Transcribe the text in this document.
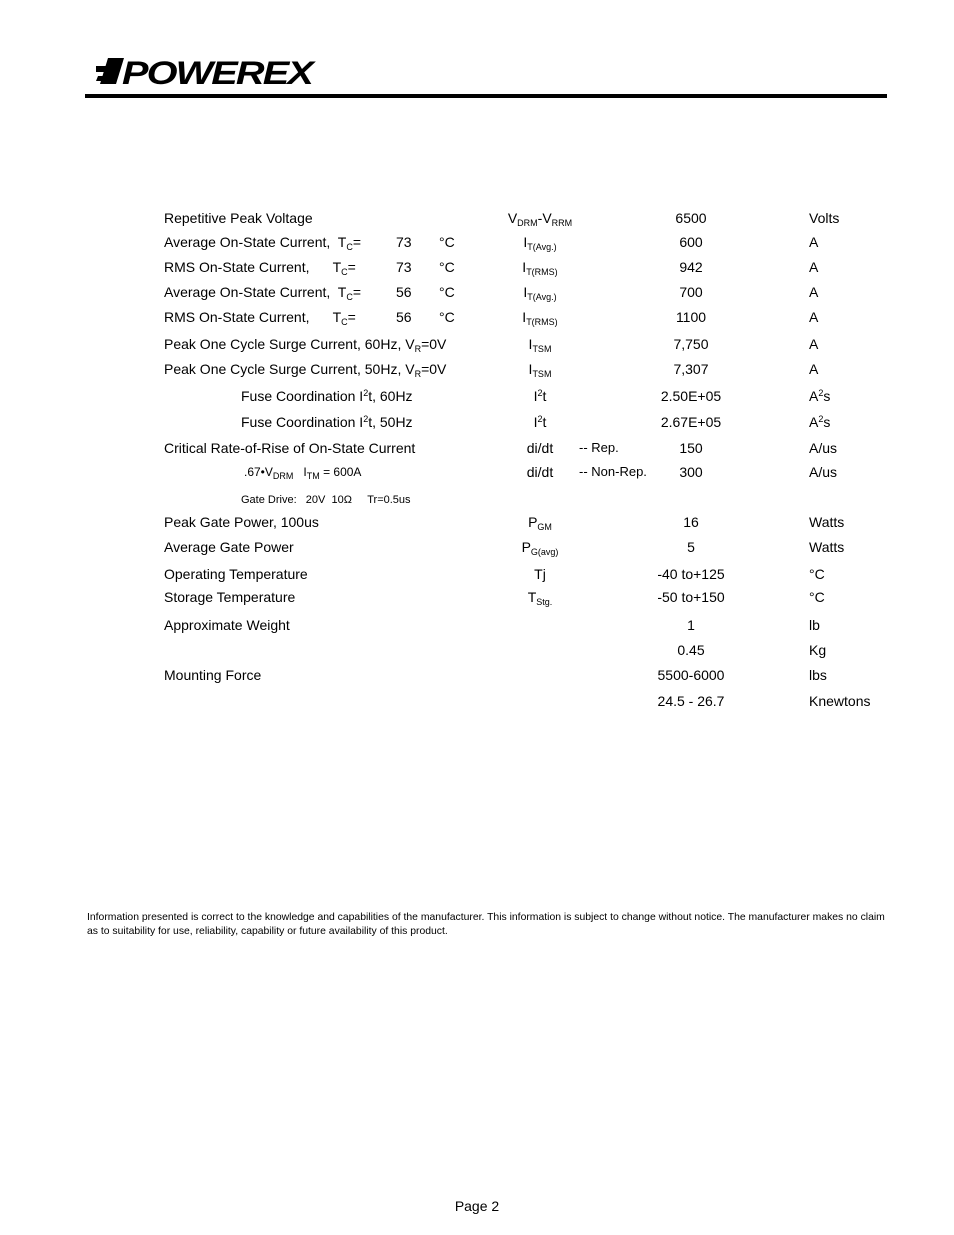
POWEREX
Repetitive Peak Voltage	$V_{DRM}-V_{RRM}$	6500	Volts
Average On-State Current,  $T_C= 73$ °C	$I_{T(Avg.)}$	600	A
RMS On-State Current,      $T_C=$	73 °C	$I_{T(RMS)}$	942	A
Average On-State Current,  $T_C= 56$ °C	$I_{T(Avg.)}$	700	A
RMS On-State Current,      $T_C=$	56 °C	$I_{T(RMS)}$	1100	A
Peak One Cycle Surge Current, 60Hz, $V_R=0V$	$I_{TSM}$	7,750	A
Peak One Cycle Surge Current, 50Hz, $V_R=0V$	$I_{TSM}$	7,307	A
Fuse Coordination $I^2t$, 60Hz	$I^2t$	2.50E+05	$A^2s$
Fuse Coordination $I^2t$, 50Hz	$I^2t$	2.67E+05	$A^2s$
Critical Rate-of-Rise of On-State Current	di/dt	-- Rep.	150	A/us
$.67•V_{DRM}$   $I_{TM} = 600A$	di/dt	-- Non-Rep.	300	A/us
Gate Drive:   20V  10Ω     Tr=0.5us
Peak Gate Power, 100us	$P_{GM}$	16	Watts
Average Gate Power	$P_{G(avg)}$	5	Watts
Operating Temperature	Tj	-40 to+125	°C
Storage Temperature	$T_{Stg.}$	-50 to+150	°C
Approximate Weight	1	lb
0.45	Kg
Mounting Force	5500-6000	lbs
24.5 - 26.7	Knewtons
Information presented is correct to the knowledge and capabilities of the manufacturer. This information is subject to change without notice. The manufacturer makes no claim as to suitability for use, reliability, capability or future availability of this product.
Page 2
